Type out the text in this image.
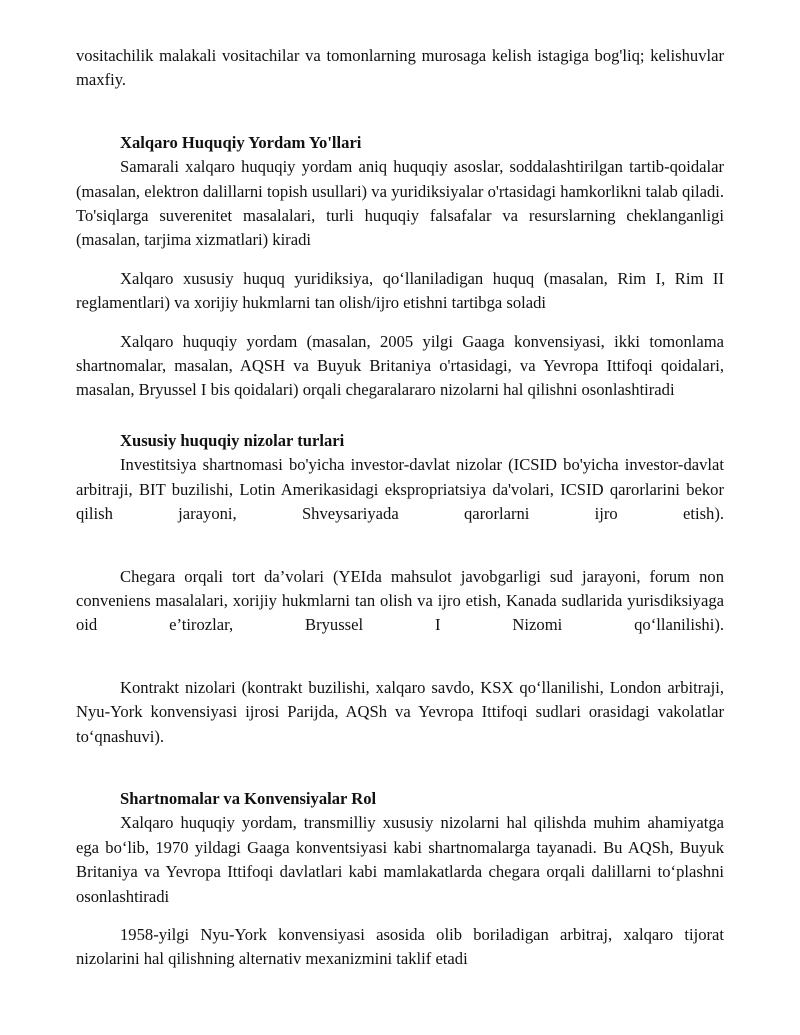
vositachilik malakali vositachilar va tomonlarning murosaga kelish istagiga bog'liq; kelishuvlar maxfiy.

Xalqaro Huquqiy Yordam Yo'llari

Samarali xalqaro huquqiy yordam aniq huquqiy asoslar, soddalashtirilgan tartib-qoidalar (masalan, elektron dalillarni topish usullari) va yuridiksiyalar o'rtasidagi hamkorlikni talab qiladi. To'siqlarga suverenitet masalalari, turli huquqiy falsafalar va resurslarning cheklanganligi (masalan, tarjima xizmatlari) kiradi

Xalqaro xususiy huquq yuridiksiya, qo‘llaniladigan huquq (masalan, Rim I, Rim II reglamentlari) va xorijiy hukmlarni tan olish/ijro etishni tartibga soladi

Xalqaro huquqiy yordam (masalan, 2005 yilgi Gaaga konvensiyasi, ikki tomonlama shartnomalar, masalan, AQSH va Buyuk Britaniya o'rtasidagi, va Yevropa Ittifoqi qoidalari, masalan, Bryussel I bis qoidalari) orqali chegaralararo nizolarni hal qilishni osonlashtiradi

Xususiy huquqiy nizolar turlari

Investitsiya shartnomasi bo'yicha investor-davlat nizolar (ICSID bo'yicha investor-davlat arbitraji, BIT buzilishi, Lotin Amerikasidagi ekspropriatsiya da'volari, ICSID qarorlarini bekor qilish jarayoni, Shveysariyada qarorlarni ijro etish).

Chegara orqali tort da’volari (YEIda mahsulot javobgarligi sud jarayoni, forum non conveniens masalalari, xorijiy hukmlarni tan olish va ijro etish, Kanada sudlarida yurisdiksiyaga oid e’tirozlar, Bryussel I Nizomi qo‘llanilishi).

Kontrakt nizolari (kontrakt buzilishi, xalqaro savdo, KSX qo‘llanilishi, London arbitraji, Nyu-York konvensiyasi ijrosi Parijda, AQSh va Yevropa Ittifoqi sudlari orasidagi vakolatlar to‘qnashuvi).

Shartnomalar va Konvensiyalar Rol

Xalqaro huquqiy yordam, transmilliy xususiy nizolarni hal qilishda muhim ahamiyatga ega bo‘lib, 1970 yildagi Gaaga konventsiyasi kabi shartnomalarga tayanadi. Bu AQSh, Buyuk Britaniya va Yevropa Ittifoqi davlatlari kabi mamlakatlarda chegara orqali dalillarni to‘plashni osonlashtiradi

1958-yilgi Nyu-York konvensiyasi asosida olib boriladigan arbitraj, xalqaro tijorat nizolarini hal qilishning alternativ mexanizmini taklif etadi
